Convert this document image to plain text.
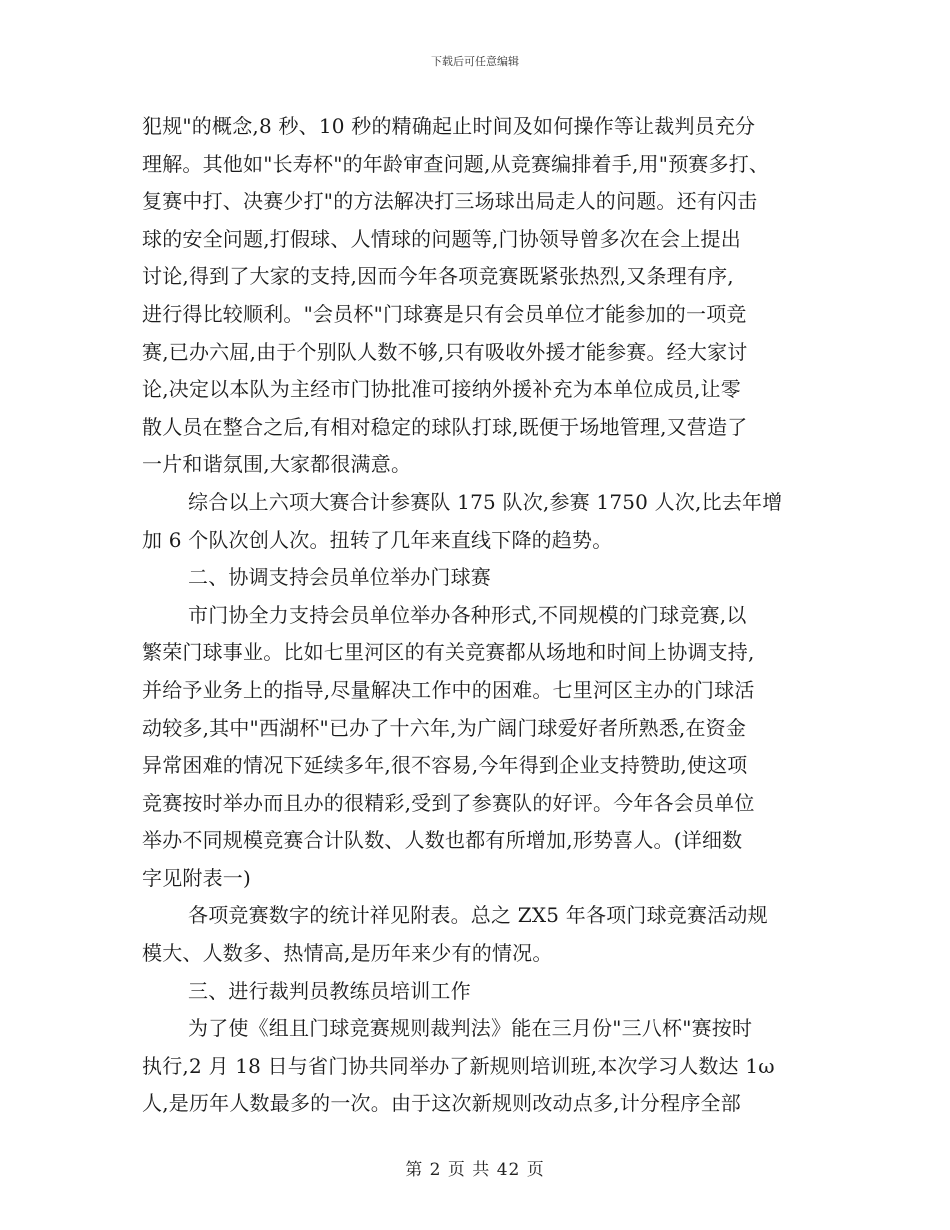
下载后可任意编辑
犯规"的概念,8 秒、10 秒的精确起止时间及如何操作等让裁判员充分
理解。其他如"长寿杯"的年龄审查问题,从竞赛编排着手,用"预赛多打、
复赛中打、决赛少打"的方法解决打三场球出局走人的问题。还有闪击
球的安全问题,打假球、人情球的问题等,门协领导曾多次在会上提出
讨论,得到了大家的支持,因而今年各项竞赛既紧张热烈,又条理有序,
进行得比较顺利。"会员杯"门球赛是只有会员单位才能参加的一项竞
赛,已办六屈,由于个别队人数不够,只有吸收外援才能参赛。经大家讨
论,决定以本队为主经市门协批准可接纳外援补充为本单位成员,让零
散人员在整合之后,有相对稳定的球队打球,既便于场地管理,又营造了
一片和谐氛围,大家都很满意。
综合以上六项大赛合计参赛队 175 队次,参赛 1750 人次,比去年增
加 6 个队次创人次。扭转了几年来直线下降的趋势。
二、协调支持会员单位举办门球赛
市门协全力支持会员单位举办各种形式,不同规模的门球竞赛,以
繁荣门球事业。比如七里河区的有关竞赛都从场地和时间上协调支持,
并给予业务上的指导,尽量解决工作中的困难。七里河区主办的门球活
动较多,其中"西湖杯"已办了十六年,为广阔门球爱好者所熟悉,在资金
异常困难的情况下延续多年,很不容易,今年得到企业支持赞助,使这项
竞赛按时举办而且办的很精彩,受到了参赛队的好评。今年各会员单位
举办不同规模竞赛合计队数、人数也都有所增加,形势喜人。(详细数
字见附表一)
各项竞赛数字的统计祥见附表。总之 ZX5 年各项门球竞赛活动规
模大、人数多、热情高,是历年来少有的情况。
三、进行裁判员教练员培训工作
为了使《组且门球竞赛规则裁判法》能在三月份"三八杯"赛按时
执行,2 月 18 日与省门协共同举办了新规则培训班,本次学习人数达 1ω
人,是历年人数最多的一次。由于这次新规则改动点多,计分程序全部
第 2 页 共 42 页
